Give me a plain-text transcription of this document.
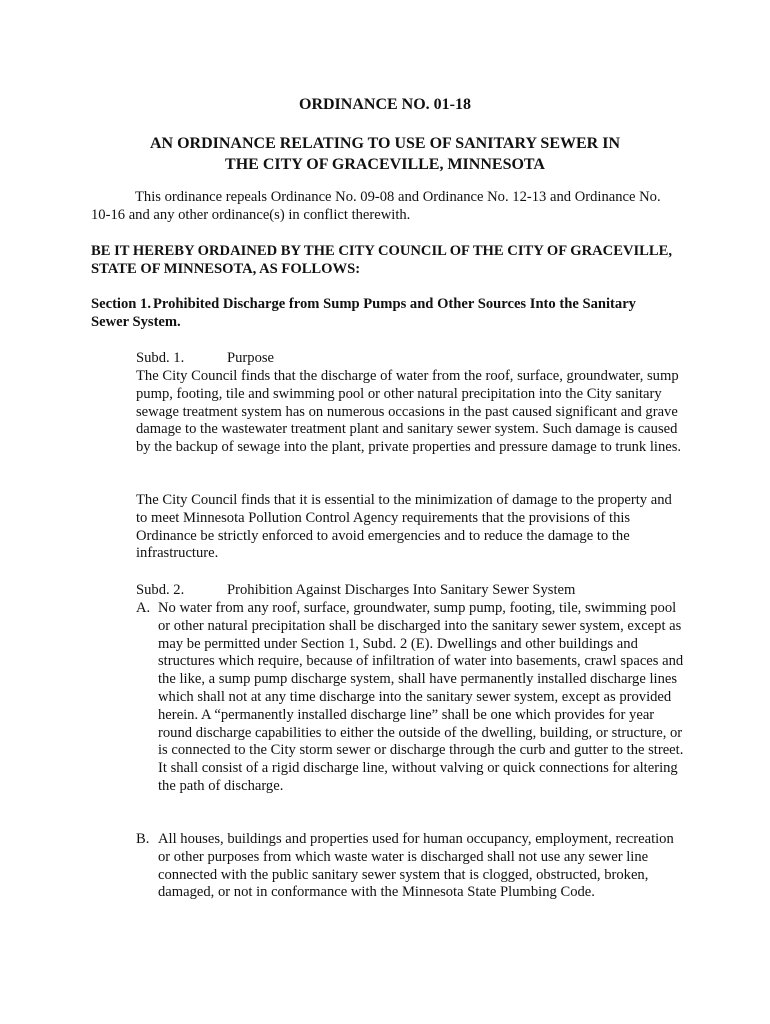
ORDINANCE NO. 01-18
AN ORDINANCE RELATING TO USE OF SANITARY SEWER IN
THE CITY OF GRACEVILLE, MINNESOTA
This ordinance repeals Ordinance No. 09-08 and Ordinance No. 12-13 and Ordinance No. 10-16 and any other ordinance(s) in conflict therewith.
BE IT HEREBY ORDAINED BY THE CITY COUNCIL OF THE CITY OF GRACEVILLE, STATE OF MINNESOTA, AS FOLLOWS:
Section 1. Prohibited Discharge from Sump Pumps and Other Sources Into the Sanitary Sewer System.
Subd. 1.	Purpose
The City Council finds that the discharge of water from the roof, surface, groundwater, sump pump, footing, tile and swimming pool or other natural precipitation into the City sanitary sewage treatment system has on numerous occasions in the past caused significant and grave damage to the wastewater treatment plant and sanitary sewer system. Such damage is caused by the backup of sewage into the plant, private properties and pressure damage to trunk lines.
The City Council finds that it is essential to the minimization of damage to the property and to meet Minnesota Pollution Control Agency requirements that the provisions of this Ordinance be strictly enforced to avoid emergencies and to reduce the damage to the infrastructure.
Subd. 2.	Prohibition Against Discharges Into Sanitary Sewer System
A. No water from any roof, surface, groundwater, sump pump, footing, tile, swimming pool or other natural precipitation shall be discharged into the sanitary sewer system, except as may be permitted under Section 1, Subd. 2 (E). Dwellings and other buildings and structures which require, because of infiltration of water into basements, crawl spaces and the like, a sump pump discharge system, shall have permanently installed discharge lines which shall not at any time discharge into the sanitary sewer system, except as provided herein. A “permanently installed discharge line” shall be one which provides for year round discharge capabilities to either the outside of the dwelling, building, or structure, or is connected to the City storm sewer or discharge through the curb and gutter to the street. It shall consist of a rigid discharge line, without valving or quick connections for altering the path of discharge.
B. All houses, buildings and properties used for human occupancy, employment, recreation or other purposes from which waste water is discharged shall not use any sewer line connected with the public sanitary sewer system that is clogged, obstructed, broken, damaged, or not in conformance with the Minnesota State Plumbing Code.
